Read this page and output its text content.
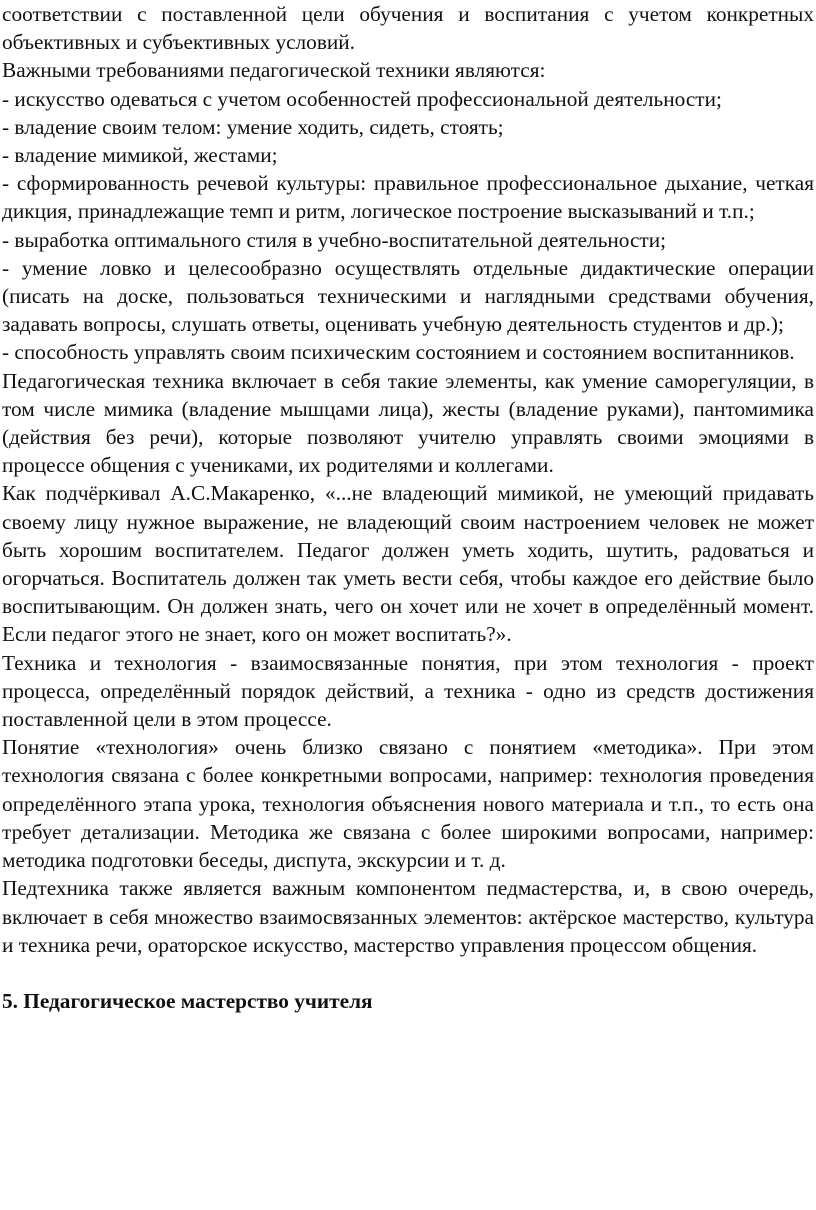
соответствии с поставленной цели обучения и воспитания с учетом конкретных объективных и субъективных условий.

Важными требованиями педагогической техники являются:

- искусство одеваться с учетом особенностей профессиональной деятельности;

- владение своим телом: умение ходить, сидеть, стоять;

- владение мимикой, жестами;

- сформированность речевой культуры: правильное профессиональное дыхание, четкая дикция, принадлежащие темп и ритм, логическое построение высказываний и т.п.;

- выработка оптимального стиля в учебно-воспитательной деятельности;

- умение ловко и целесообразно осуществлять отдельные дидактические операции (писать на доске, пользоваться техническими и наглядными средствами обучения, задавать вопросы, слушать ответы, оценивать учебную деятельность студентов и др.);

- способность управлять своим психическим состоянием и состоянием воспитанников.

Педагогическая техника включает в себя такие элементы, как умение саморегуляции, в том числе мимика (владение мышцами лица), жесты (владение руками), пантомимика (действия без речи), которые позволяют учителю управлять своими эмоциями в процессе общения с учениками, их родителями и коллегами.

Как подчёркивал А.С.Макаренко, «...не владеющий мимикой, не умеющий придавать своему лицу нужное выражение, не владеющий своим настроением человек не может быть хорошим воспитателем. Педагог должен уметь ходить, шутить, радоваться и огорчаться. Воспитатель должен так уметь вести себя, чтобы каждое его действие было воспитывающим. Он должен знать, чего он хочет или не хочет в определённый момент. Если педагог этого не знает, кого он может воспитать?».

Техника и технология - взаимосвязанные понятия, при этом технология - проект процесса, определённый порядок действий, а техника - одно из средств достижения поставленной цели в этом процессе.

Понятие «технология» очень близко связано с понятием «методика». При этом технология связана с более конкретными вопросами, например: технология проведения определённого этапа урока, технология объяснения нового материала и т.п., то есть она требует детализации. Методика же связана с более широкими вопросами, например: методика подготовки беседы, диспута, экскурсии и т. д.

Педтехника также является важным компонентом педмастерства, и, в свою очередь, включает в себя множество взаимосвязанных элементов: актёрское мастерство, культура и техника речи, ораторское искусство, мастерство управления процессом общения.

5. Педагогическое мастерство учителя
